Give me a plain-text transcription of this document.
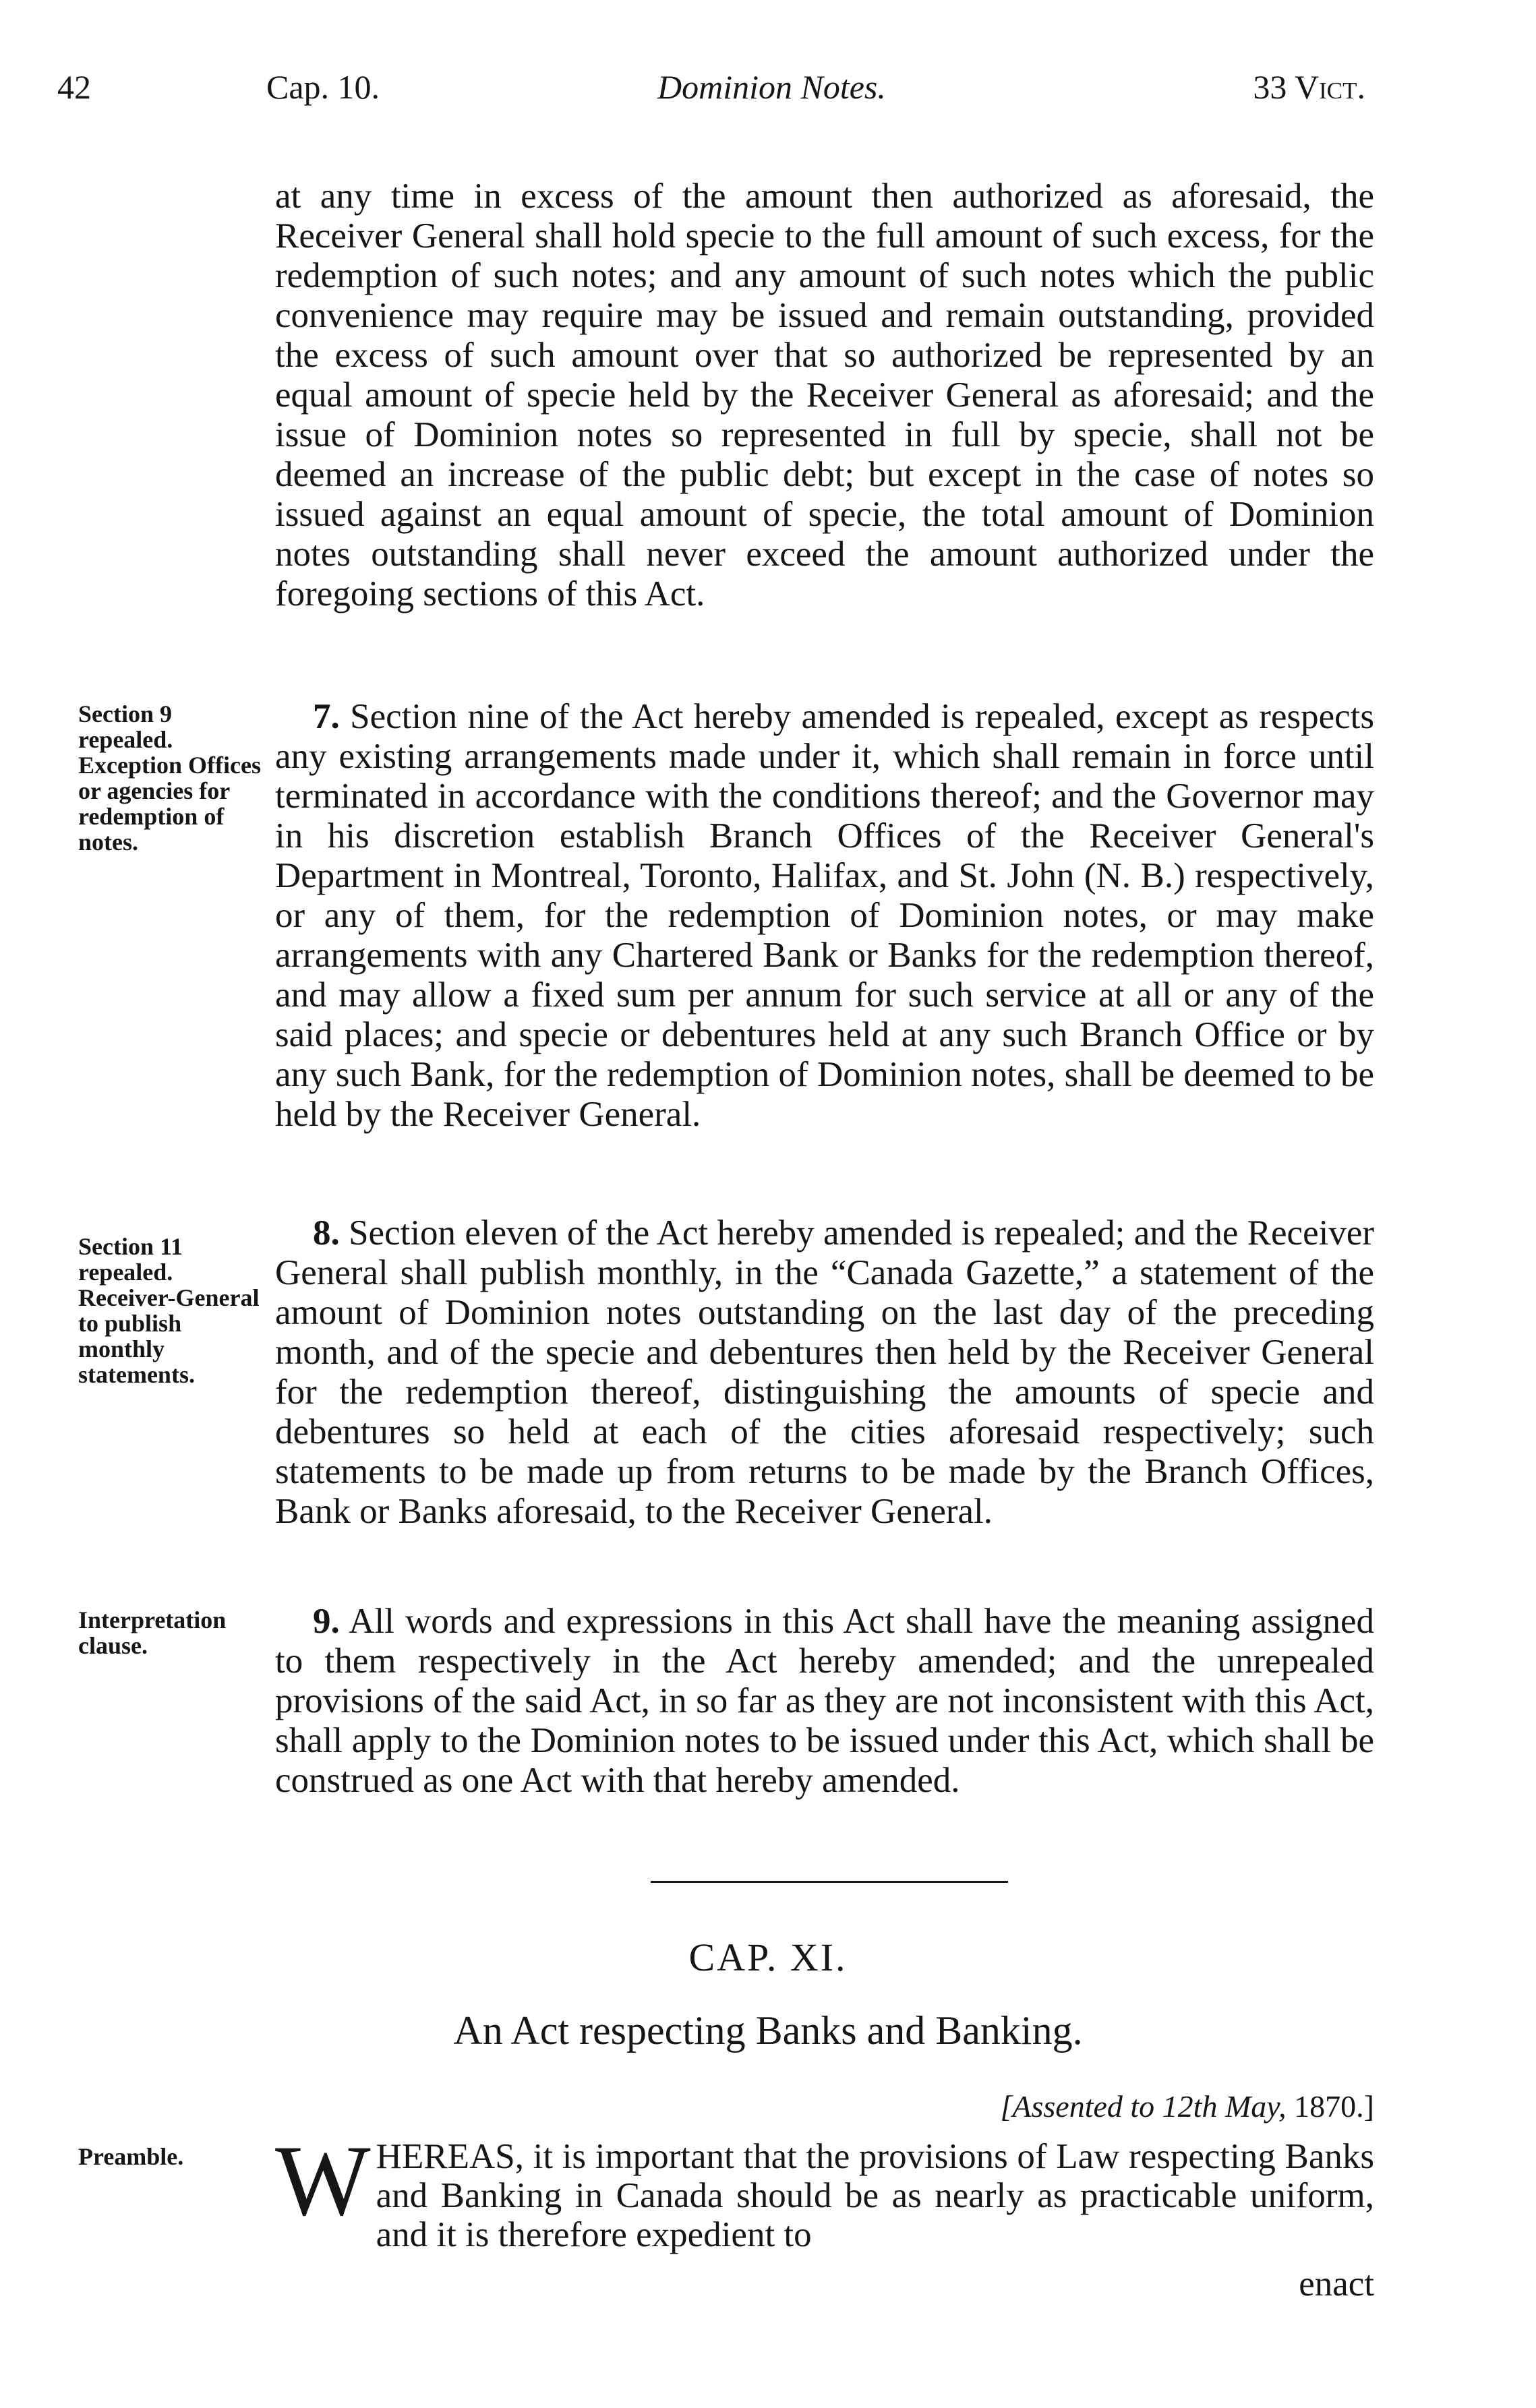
42	Cap. 10.	Dominion Notes.	33 Vict.

at any time in excess of the amount then authorized as aforesaid, the Receiver General shall hold specie to the full amount of such excess, for the redemption of such notes; and any amount of such notes which the public convenience may require may be issued and remain outstanding, provided the excess of such amount over that so authorized be represented by an equal amount of specie held by the Receiver General as aforesaid; and the issue of Dominion notes so represented in full by specie, shall not be deemed an increase of the public debt; but except in the case of notes so issued against an equal amount of specie, the total amount of Dominion notes outstanding shall never exceed the amount authorized under the foregoing sections of this Act.

Section 9 repealed. Exception Offices or agencies for redemption of notes.

7. Section nine of the Act hereby amended is repealed, except as respects any existing arrangements made under it, which shall remain in force until terminated in accordance with the conditions thereof; and the Governor may in his discretion establish Branch Offices of the Receiver General's Department in Montreal, Toronto, Halifax, and St. John (N. B.) respectively, or any of them, for the redemption of Dominion notes, or may make arrangements with any Chartered Bank or Banks for the redemption thereof, and may allow a fixed sum per annum for such service at all or any of the said places; and specie or debentures held at any such Branch Office or by any such Bank, for the redemption of Dominion notes, shall be deemed to be held by the Receiver General.

Section 11 repealed. Receiver-General to publish monthly statements.

8. Section eleven of the Act hereby amended is repealed; and the Receiver General shall publish monthly, in the “Canada Gazette,” a statement of the amount of Dominion notes outstanding on the last day of the preceding month, and of the specie and debentures then held by the Receiver General for the redemption thereof, distinguishing the amounts of specie and debentures so held at each of the cities aforesaid respectively; such statements to be made up from returns to be made by the Branch Offices, Bank or Banks aforesaid, to the Receiver General.

Interpretation clause.

9. All words and expressions in this Act shall have the meaning assigned to them respectively in the Act hereby amended; and the unrepealed provisions of the said Act, in so far as they are not inconsistent with this Act, shall apply to the Dominion notes to be issued under this Act, which shall be construed as one Act with that hereby amended.

CAP. XI.
An Act respecting Banks and Banking.
[Assented to 12th May, 1870.]
Preamble. WHEREAS, it is important that the provisions of Law respecting Banks and Banking in Canada should be as nearly as practicable uniform, and it is therefore expedient to
enact
